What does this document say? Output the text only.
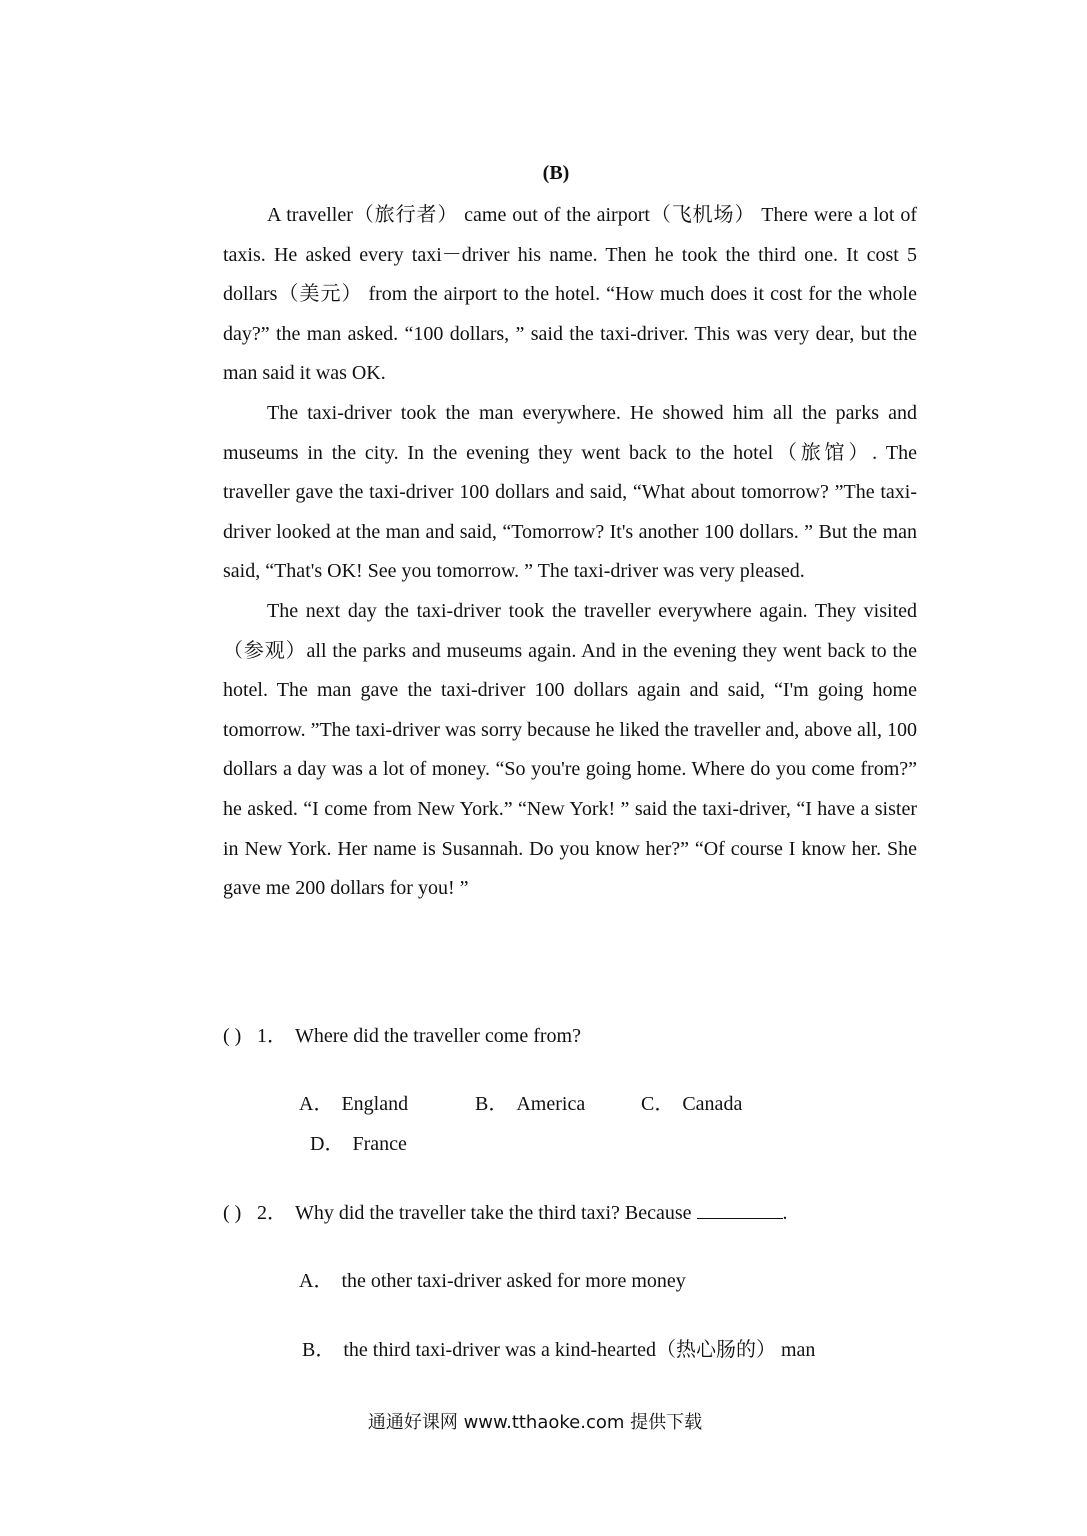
(B)

A traveller（旅行者） came out of the airport（飞机场） There were a lot of taxis. He asked every taxi－driver his name. Then he took the third one. It cost 5 dollars（美元） from the airport to the hotel. “How much does it cost for the whole day?” the man asked. “100 dollars, ” said the taxi-driver. This was very dear, but the man said it was OK.

The taxi-driver took the man everywhere. He showed him all the parks and museums in the city. In the evening they went back to the hotel（旅馆）. The traveller gave the taxi-driver 100 dollars and said, “What about tomorrow? ”The taxi-driver looked at the man and said, “Tomorrow? It's another 100 dollars. ” But the man said, “That's OK! See you tomorrow. ” The taxi-driver was very pleased.

The next day the taxi-driver took the traveller everywhere again. They visited（参观）all the parks and museums again. And in the evening they went back to the hotel. The man gave the taxi-driver 100 dollars again and said, “I'm going home tomorrow. ”The taxi-driver was sorry because he liked the traveller and, above all, 100 dollars a day was a lot of money. “So you're going home. Where do you come from?” he asked. “I come from New York.” “New York! ” said the taxi-driver, “I have a sister in New York. Her name is Susannah. Do you know her?” “Of course I know her. She gave me 200 dollars for you! ”

( ) 1． Where did the traveller come from?
A． England	B． America	C． Canada
D． France
( ) 2． Why did the traveller take the third taxi? Because	.
A． the other taxi-driver asked for more money
B． the third taxi-driver was a kind-hearted（热心肠的） man
通通好课网 www.tthaoke.com 提供下载
